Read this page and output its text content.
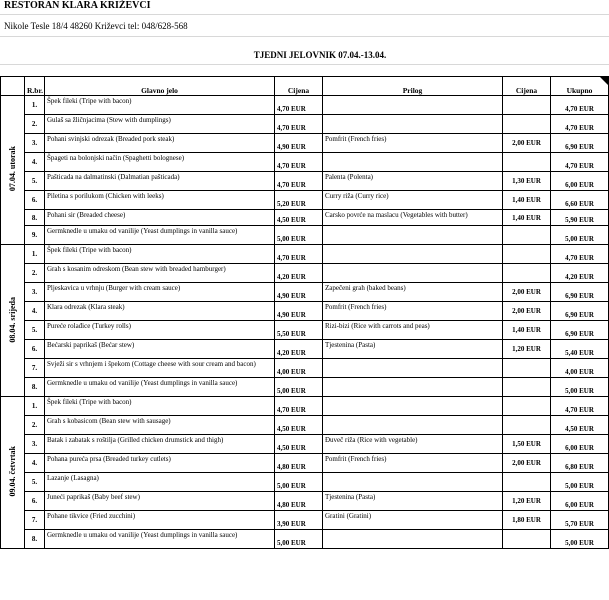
RESTORAN KLARA KRIŽEVCI
Nikole Tesle 18/4 48260 Križevci tel: 048/628-568
TJEDNI JELOVNIK 07.04.-13.04.
	R.br.	Glavno jelo	Cijena	Prilog	Cijena	Ukupno
07.04. utorak	1.	Špek fileki (Tripe with bacon)	4,70 EUR			4,70 EUR
	2.	Gulaš sa žličnjacima (Stew with dumplings)	4,70 EUR			4,70 EUR
	3.	Pohani svinjski odrezak (Breaded pork steak)	4,90 EUR	Pomfrit (French fries)	2,00 EUR	6,90 EUR
	4.	Špageti na bolonjski način (Spaghetti bolognese)	4,70 EUR			4,70 EUR
	5.	Pašticada na dalmatinski (Dalmatian pašticada)	4,70 EUR	Palenta (Polenta)	1,30 EUR	6,00 EUR
	6.	Piletina s porilukom (Chicken with leeks)	5,20 EUR	Curry riža (Curry rice)	1,40 EUR	6,60 EUR
	8.	Pohani sir (Breaded cheese)	4,50 EUR	Carsko povrće na maslacu (Vegetables with butter)	1,40 EUR	5,90 EUR
	9.	Germknedle u umaku od vanilije (Yeast dumplings in vanilla sauce)	5,00 EUR			5,00 EUR
08.04. srijeda	1.	Špek fileki (Tripe with bacon)	4,70 EUR			4,70 EUR
	2.	Grah s kosanim odreskom (Bean stew with breaded hamburger)	4,20 EUR			4,20 EUR
	3.	Pljeskavica u vrhnju (Burger with cream sauce)	4,90 EUR	Zapečeni grah (baked beans)	2,00 EUR	6,90 EUR
	4.	Klara odrezak (Klara steak)	4,90 EUR	Pomfrit (French fries)	2,00 EUR	6,90 EUR
	5.	Pureće rolađice (Turkey rolls)	5,50 EUR	Rizi-bizi (Rice with carrots and peas)	1,40 EUR	6,90 EUR
	6.	Bećarski paprikaš (Bećar stew)	4,20 EUR	Tjestenina (Pasta)	1,20 EUR	5,40 EUR
	7.	Svježi sir s vrhnjem i špekom (Cottage cheese with sour cream and bacon)	4,00 EUR			4,00 EUR
	8.	Germknedle u umaku od vanilije (Yeast dumplings in vanilla sauce)	5,00 EUR			5,00 EUR
09.04. četvrtak	1.	Špek fileki (Tripe with bacon)	4,70 EUR			4,70 EUR
	2.	Grah s kobasicom (Bean stew with sausage)	4,50 EUR			4,50 EUR
	3.	Batak i zabatak s roštilja (Grilled chicken drumstick and thigh)	4,50 EUR	Đuveč riža (Rice with vegetable)	1,50 EUR	6,00 EUR
	4.	Pohana pureća prsa (Breaded turkey cutlets)	4,80 EUR	Pomfrit (French fries)	2,00 EUR	6,80 EUR
	5.	Lazanje (Lasagna)	5,00 EUR			5,00 EUR
	6.	Juneći paprikaš (Baby beef stew)	4,80 EUR	Tjestenina (Pasta)	1,20 EUR	6,00 EUR
	7.	Pohane tikvice (Fried zucchini)	3,90 EUR	Gratini (Gratini)	1,80 EUR	5,70 EUR
	8.	Germknedle u umaku od vanilije (Yeast dumplings in vanilla sauce)	5,00 EUR			5,00 EUR
